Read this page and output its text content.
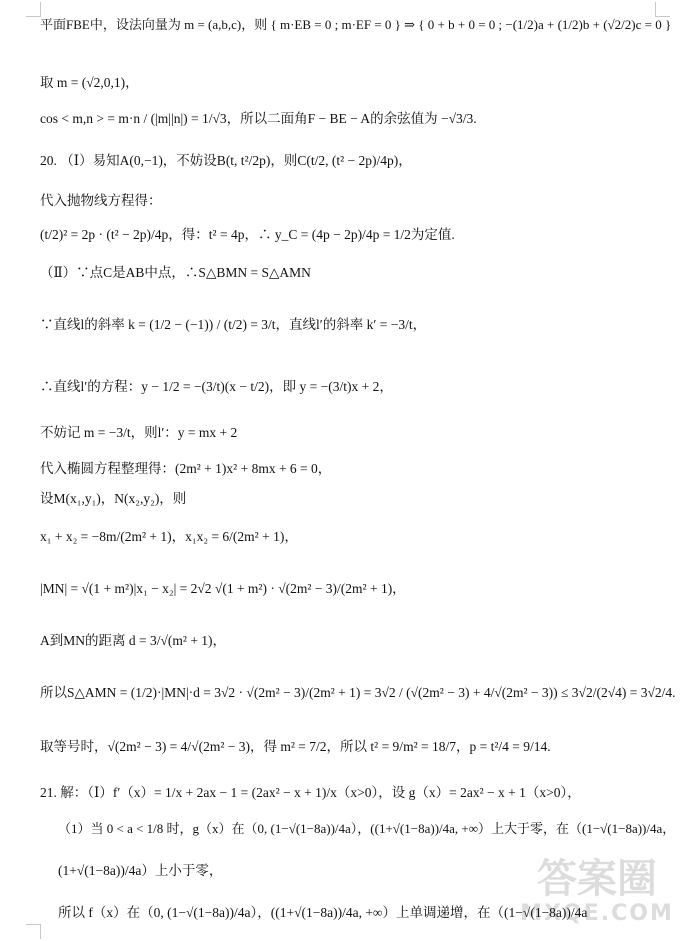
平面FBE中，设法向量为 m = (a,b,c)，则 { m·EB = 0 ; m·EF = 0 } ⇒ { 0 + b + 0 = 0 ; −(1/2)a + (1/2)b + (√2/2)c = 0 }
取 m = (√2,0,1)，
cos < m,n > = m·n / (|m||n|) = 1/√3，所以二面角F − BE − A的余弦值为 −√3/3.
20. （Ⅰ）易知A(0,−1)，不妨设B(t, t²/2p)，则C(t/2, (t² − 2p)/4p)，
代入抛物线方程得：
(t/2)² = 2p · (t² − 2p)/4p，得：t² = 4p，∴ y_C = (4p − 2p)/4p = 1/2为定值.
（Ⅱ）∵点C是AB中点，∴S△BMN = S△AMN
∵直线l的斜率 k = (1/2 − (−1)) / (t/2) = 3/t，直线l′的斜率 k′ = −3/t，
∴直线l′的方程：y − 1/2 = −(3/t)(x − t/2)，即 y = −(3/t)x + 2，
不妨记 m = −3/t，则l′：y = mx + 2
代入椭圆方程整理得：(2m² + 1)x² + 8mx + 6 = 0，
设M(x₁,y₁)，N(x₂,y₂)，则
x₁ + x₂ = −8m/(2m² + 1)，x₁x₂ = 6/(2m² + 1)，
|MN| = √(1 + m²)|x₁ − x₂| = 2√2 √(1 + m²) · √(2m² − 3)/(2m² + 1)，
A到MN的距离 d = 3/√(m² + 1)，
所以S△AMN = (1/2)·|MN|·d = 3√2 · √(2m² − 3)/(2m² + 1) = 3√2 / (√(2m² − 3) + 4/√(2m² − 3)) ≤ 3√2/(2√4) = 3√2/4.
取等号时，√(2m² − 3) = 4/√(2m² − 3)，得 m² = 7/2，所以 t² = 9/m² = 18/7，p = t²/4 = 9/14.
21. 解：（Ⅰ）f′（x）= 1/x + 2ax − 1 = (2ax² − x + 1)/x（x>0），设 g（x）= 2ax² − x + 1（x>0），
（1）当 0 < a < 1/8 时，g（x）在（0, (1−√(1−8a))/4a），((1+√(1−8a))/4a, +∞）上大于零，在（(1−√(1−8a))/4a，
(1+√(1−8a))/4a）上小于零，
所以 f（x）在（0, (1−√(1−8a))/4a），((1+√(1−8a))/4a, +∞）上单调递增，在（(1−√(1−8a))/4a
答案圈
MXQE.COM
